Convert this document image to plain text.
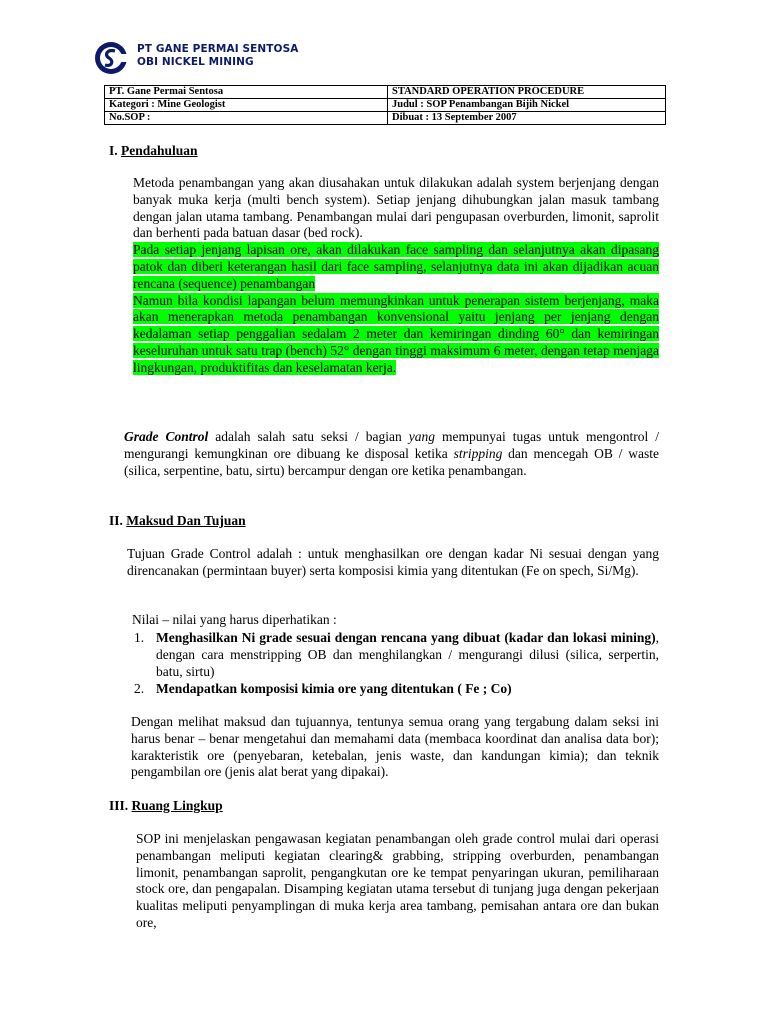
PT GANE PERMAI SENTOSA
OBI NICKEL MINING
PT. Gane Permai Sentosa	STANDARD OPERATION PROCEDURE
Kategori : Mine Geologist	Judul : SOP Penambangan Bijih Nickel
No.SOP :	Dibuat : 13 September 2007
I. Pendahuluan
Metoda penambangan yang akan diusahakan untuk dilakukan adalah system berjenjang dengan banyak muka kerja (multi bench system). Setiap jenjang dihubungkan jalan masuk tambang dengan jalan utama tambang. Penambangan mulai dari pengupasan overburden, limonit, saprolit dan berhenti pada batuan dasar (bed rock).
Pada setiap jenjang lapisan ore, akan dilakukan face sampling dan selanjutnya akan dipasang patok dan diberi keterangan hasil dari face sampling, selanjutnya data ini akan dijadikan acuan rencana (sequence) penambangan
Namun bila kondisi lapangan belum memungkinkan untuk penerapan sistem berjenjang, maka akan menerapkan metoda penambangan konvensional yaitu jenjang per jenjang dengan kedalaman setiap penggalian sedalam 2 meter dan kemiringan dinding 60° dan kemiringan keseluruhan untuk satu trap (bench) 52° dengan tinggi maksimum 6 meter, dengan tetap menjaga lingkungan, produktifitas dan keselamatan kerja.
Grade Control adalah salah satu seksi / bagian yang mempunyai tugas untuk mengontrol / mengurangi kemungkinan ore dibuang ke disposal ketika stripping dan mencegah OB / waste (silica, serpentine, batu, sirtu) bercampur dengan ore ketika penambangan.
II. Maksud Dan Tujuan
Tujuan Grade Control adalah : untuk menghasilkan ore dengan kadar Ni sesuai dengan yang direncanakan (permintaan buyer) serta komposisi kimia yang ditentukan (Fe on spech, Si/Mg).
Nilai – nilai yang harus diperhatikan :
1. Menghasilkan Ni grade sesuai dengan rencana yang dibuat (kadar dan lokasi mining), dengan cara menstripping OB dan menghilangkan / mengurangi dilusi (silica, serpertin, batu, sirtu)
2. Mendapatkan komposisi kimia ore yang ditentukan ( Fe ; Co)
Dengan melihat maksud dan tujuannya, tentunya semua orang yang tergabung dalam seksi ini harus benar – benar mengetahui dan memahami data (membaca koordinat dan analisa data bor); karakteristik ore (penyebaran, ketebalan, jenis waste, dan kandungan kimia); dan teknik pengambilan ore (jenis alat berat yang dipakai).
III. Ruang Lingkup
SOP ini menjelaskan pengawasan kegiatan penambangan oleh grade control mulai dari operasi penambangan meliputi kegiatan clearing& grabbing, stripping overburden, penambangan limonit, penambangan saprolit, pengangkutan ore ke tempat penyaringan ukuran, pemiliharaan stock ore, dan pengapalan. Disamping kegiatan utama tersebut di tunjang juga dengan pekerjaan kualitas meliputi penyamplingan di muka kerja area tambang, pemisahan antara ore dan bukan ore,
